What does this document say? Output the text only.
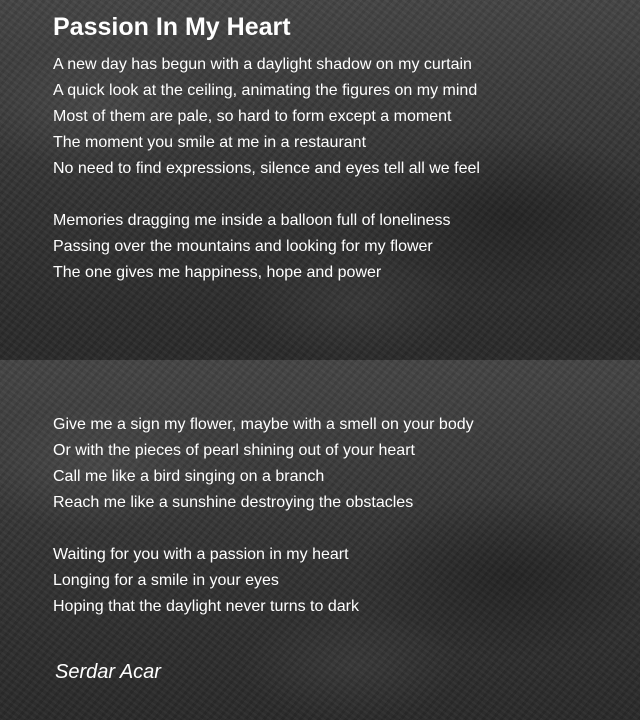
Passion In My Heart
A new day has begun with a daylight shadow on my curtain
A quick look at the ceiling, animating the figures on my mind
Most of them are pale, so hard to form except a moment
The moment you smile at me in a restaurant
No need to find expressions, silence and eyes tell all we feel
Memories dragging me inside a balloon full of loneliness
Passing over the mountains and looking for my flower
The one gives me happiness, hope and power
Give me a sign my flower, maybe with a smell on your body
Or with the pieces of pearl shining out of your heart
Call me like a bird singing on a branch
Reach me like a sunshine destroying the obstacles
Waiting for you with a passion in my heart
Longing for a smile in your eyes
Hoping that the daylight never turns to dark
Serdar Acar
